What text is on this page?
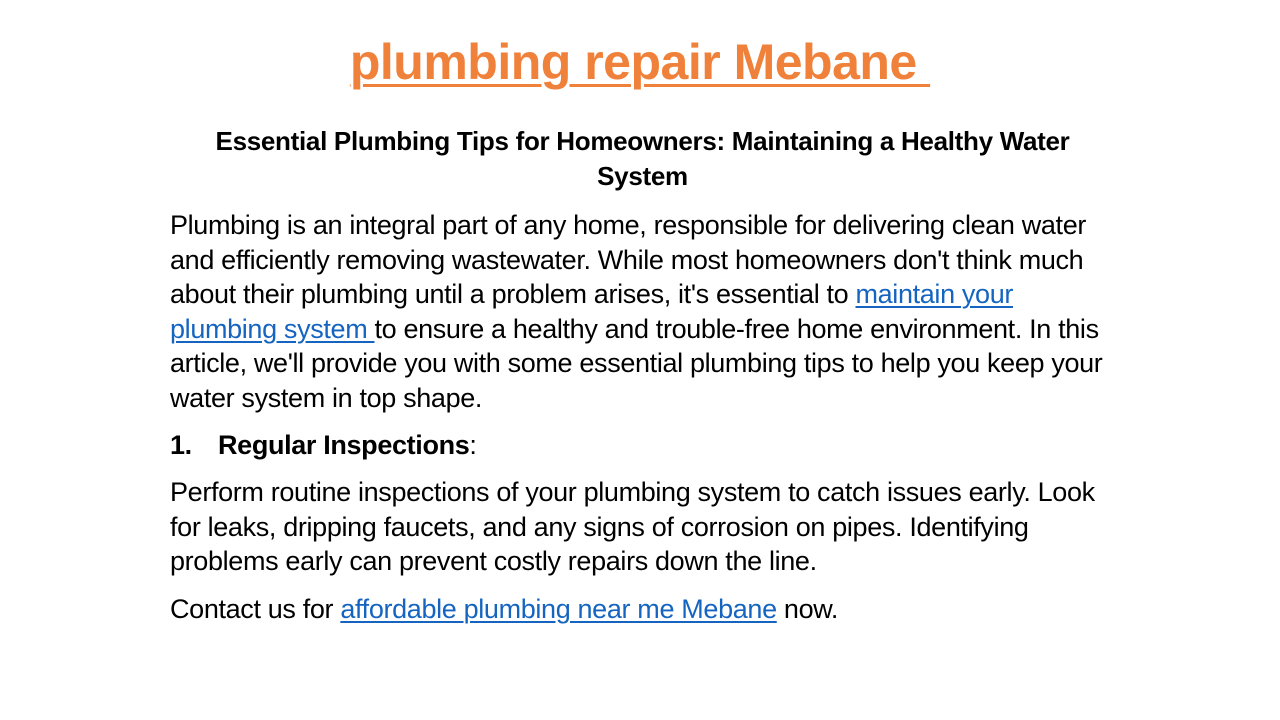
plumbing repair Mebane
Essential Plumbing Tips for Homeowners: Maintaining a Healthy Water System

Plumbing is an integral part of any home, responsible for delivering clean water and efficiently removing wastewater. While most homeowners don't think much about their plumbing until a problem arises, it's essential to maintain your plumbing system to ensure a healthy and trouble-free home environment. In this article, we'll provide you with some essential plumbing tips to help you keep your water system in top shape.

1. Regular Inspections:

Perform routine inspections of your plumbing system to catch issues early. Look for leaks, dripping faucets, and any signs of corrosion on pipes. Identifying problems early can prevent costly repairs down the line.

Contact us for affordable plumbing near me Mebane now.
